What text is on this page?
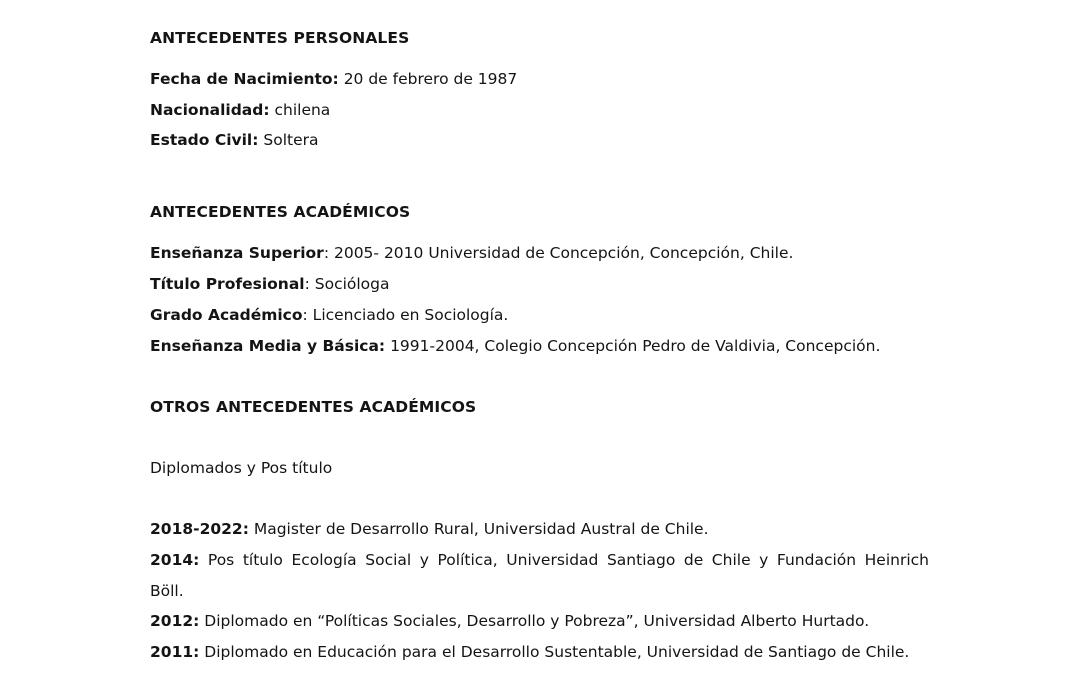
ANTECEDENTES PERSONALES
Fecha de Nacimiento: 20 de febrero de 1987
Nacionalidad: chilena
Estado Civil: Soltera
ANTECEDENTES ACADÉMICOS
Enseñanza Superior: 2005- 2010 Universidad de Concepción, Concepción, Chile.
Título Profesional: Socióloga
Grado Académico: Licenciado en Sociología.
Enseñanza Media y Básica: 1991-2004, Colegio Concepción Pedro de Valdivia, Concepción.
OTROS ANTECEDENTES ACADÉMICOS
Diplomados y Pos título
2018-2022: Magister de Desarrollo Rural, Universidad Austral de Chile.
2014: Pos título Ecología Social y Política, Universidad Santiago de Chile y Fundación Heinrich
Böll.
2012: Diplomado en “Políticas Sociales, Desarrollo y Pobreza”, Universidad Alberto Hurtado.
2011: Diplomado en Educación para el Desarrollo Sustentable, Universidad de Santiago de Chile.
